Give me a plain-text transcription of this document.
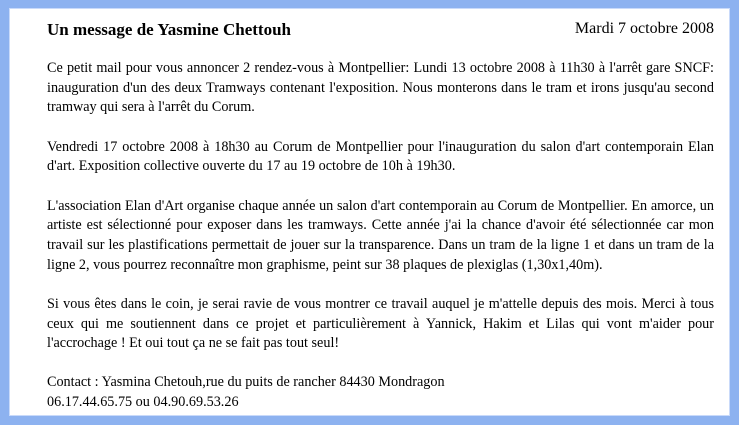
Un message de Yasmine Chettouh	Mardi 7 octobre 2008

Ce petit mail pour vous annoncer 2 rendez-vous à Montpellier: Lundi 13 octobre 2008 à 11h30 à l'arrêt gare SNCF: inauguration d'un des deux Tramways contenant l'exposition. Nous monterons dans le tram et irons jusqu'au second tramway qui sera à l'arrêt du Corum.

Vendredi 17 octobre 2008 à 18h30 au Corum de Montpellier pour l'inauguration du salon d'art contemporain Elan d'art. Exposition collective ouverte du 17 au 19 octobre de 10h à 19h30.

L'association Elan d'Art organise chaque année un salon d'art contemporain au Corum de Montpellier. En amorce, un artiste est sélectionné pour exposer dans les tramways. Cette année j'ai la chance d'avoir été sélectionnée car mon travail sur les plastifications permettait de jouer sur la transparence. Dans un tram de la ligne 1 et dans un tram de la ligne 2, vous pourrez reconnaître mon graphisme, peint sur 38 plaques de plexiglas (1,30x1,40m).

Si vous êtes dans le coin, je serai ravie de vous montrer ce travail auquel je m'attelle depuis des mois. Merci à tous ceux qui me soutiennent dans ce projet et particulièrement à Yannick, Hakim et Lilas qui vont m'aider pour l'accrochage ! Et oui tout ça ne se fait pas tout seul!

Contact : Yasmina Chetouh,rue du puits de rancher 84430 Mondragon
06.17.44.65.75 ou 04.90.69.53.26
